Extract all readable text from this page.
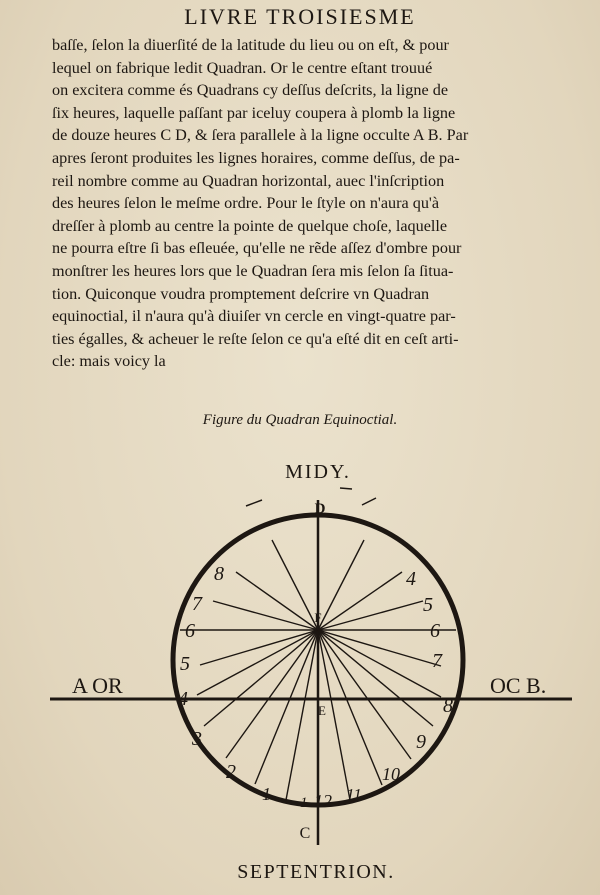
LIVRE TROISIESME
baſſe, ſelon la diuerſité de la latitude du lieu ou on eſt, & pour
lequel on fabrique ledit Quadran. Or le centre eſtant trouué
on excitera comme és Quadrans cy deſſus deſcrits, la ligne de
ſix heures, laquelle paſſant par iceluy coupera à plomb la ligne
de douze heures C D, & ſera parallele à la ligne occulte A B. Par
apres ſeront produites les lignes horaires, comme deſſus, de pa-
reil nombre comme au Quadran horizontal, auec l'inſcription
des heures ſelon le meſme ordre. Pour le ſtyle on n'aura qu'à
dreſſer à plomb au centre la pointe de quelque choſe, laquelle
ne pourra eſtre ſi bas eſleuée, qu'elle ne rẽde aſſez d'ombre pour
monſtrer les heures lors que le Quadran ſera mis ſelon ſa ſitua-
tion. Quiconque voudra promptement deſcrire vn Quadran
equinoctial, il n'aura qu'à diuiſer vn cercle en vingt-quatre par-
ties égalles, & acheuer le reſte ſelon ce qu'a eſté dit en ceſt arti-
cle: mais voicy la
Figure du Quadran Equinoctial.
MIDY.
SEPTENTRION.
A OR	OC B.
D
C
E
F
8
7
6
5
4
5
6
7
4	8
3
2
1
9
10
11
1 12
